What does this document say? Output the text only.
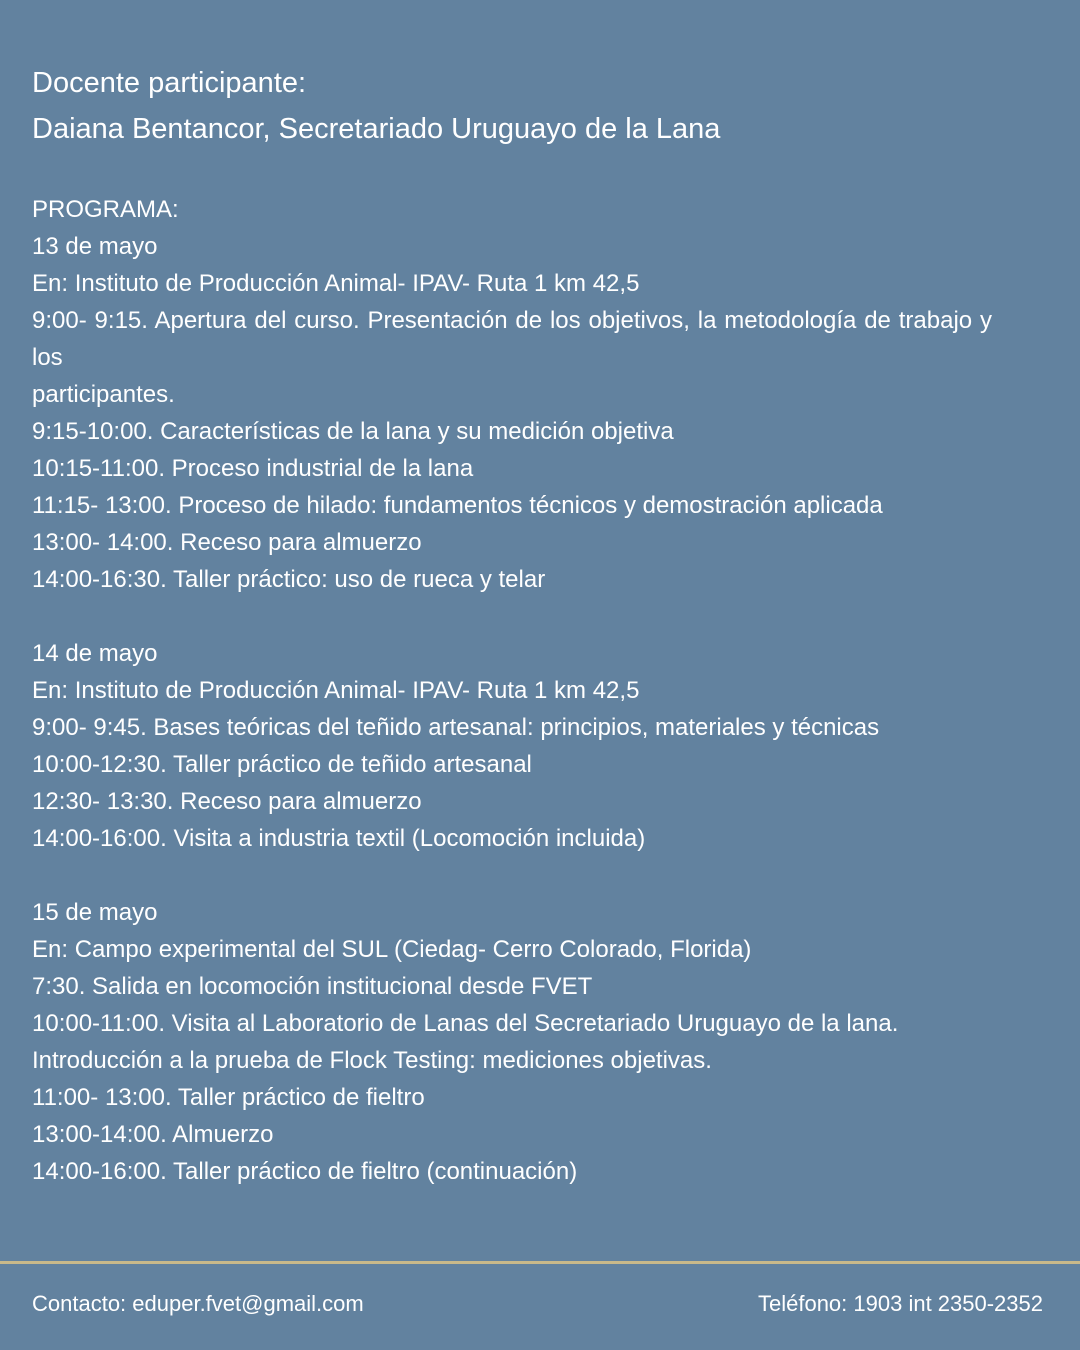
Docente participante:
Daiana Bentancor, Secretariado Uruguayo de la Lana
PROGRAMA:
13 de mayo
En: Instituto de Producción Animal- IPAV- Ruta 1 km 42,5
9:00- 9:15. Apertura del curso. Presentación de los objetivos, la metodología de trabajo y los
participantes.
9:15-10:00. Características de la lana y su medición objetiva
10:15-11:00. Proceso industrial de la lana
11:15- 13:00. Proceso de hilado: fundamentos técnicos y demostración aplicada
13:00- 14:00. Receso para almuerzo
14:00-16:30. Taller práctico: uso de rueca y telar
14 de mayo
En: Instituto de Producción Animal- IPAV- Ruta 1 km 42,5
9:00- 9:45. Bases teóricas del teñido artesanal: principios, materiales y técnicas
10:00-12:30. Taller práctico de teñido artesanal
12:30- 13:30. Receso para almuerzo
14:00-16:00. Visita a industria textil (Locomoción incluida)
15 de mayo
En: Campo experimental del SUL (Ciedag- Cerro Colorado, Florida)
7:30. Salida en locomoción institucional desde FVET
10:00-11:00. Visita al Laboratorio de Lanas del Secretariado Uruguayo de la lana.
Introducción a la prueba de Flock Testing: mediciones objetivas.
11:00- 13:00. Taller práctico de fieltro
13:00-14:00. Almuerzo
14:00-16:00. Taller práctico de fieltro (continuación)
Contacto: eduper.fvet@gmail.com	Teléfono: 1903 int 2350-2352
